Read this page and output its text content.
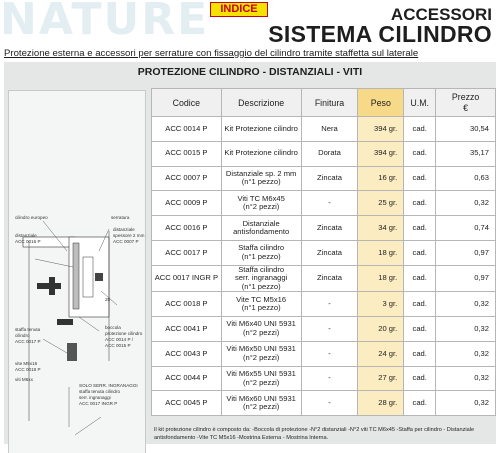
NATURE	INDICE	ACCESSORI
SISTEMA CILINDRO
Protezione esterna e accessori per serrature con fissaggio del cilindro tramite staffetta sul laterale
PROTEZIONE CILINDRO - DISTANZIALI - VITI
cilindro europeo	serratura
distanziale
ACC 0016 P
distanziale
spessore 2 mm
ACC 0007 P
25
staffa tenuta
cilindro
ACC 0017 P
boccola
protezione cilindro
ACC 0014 P /
ACC 0015 P
vite M5x16
ACC 0018 P
viti M6xx
SOLO SERR. INGRANAGGI
staffa tenuta cilindro
serr. ingranaggi
ACC 0017 INGR P
Codice	Descrizione	Finitura	Peso	U.M.	Prezzo
€
ACC 0014 P	Kit Protezione cilindro	Nera	394 gr.	cad.	30,54
ACC 0015 P	Kit Protezione cilindro	Dorata	394 gr.	cad.	35,17
ACC 0007 P	Distanziale sp. 2 mm
(n°1 pezzo)	Zincata	16 gr.	cad.	0,63
ACC 0009 P	Viti TC M6x45
(n°2 pezzi)	-	25 gr.	cad.	0,32
ACC 0016 P	Distanziale
antisfondamento	Zincata	34 gr.	cad.	0,74
ACC 0017 P	Staffa cilindro
(n°1 pezzo)	Zincata	18 gr.	cad.	0,97
ACC 0017 INGR P	Staffa cilindro
serr. ingranaggi
(n°1 pezzo)	Zincata	18 gr.	cad.	0,97
ACC 0018 P	Vite TC M5x16
(n°1 pezzo)	-	3 gr.	cad.	0,32
ACC 0041 P	Viti M6x40 UNI 5931
(n°2 pezzi)	-	20 gr.	cad.	0,32
ACC 0043 P	Viti M6x50 UNI 5931
(n°2 pezzi)	-	24 gr.	cad.	0,32
ACC 0044 P	Viti M6x55 UNI 5931
(n°2 pezzi)	-	27 gr.	cad.	0,32
ACC 0045 P	Viti M6x60 UNI 5931
(n°2 pezzi)	-	28 gr.	cad.	0,32
Il kit protezione cilindro è composto da: -Boccola di protezione -N°2 distanziali -N°2 viti TC M6x45 -Staffa per cilindro - Distanziale antisfondamento -Vite TC M5x16 -Mostrina Esterna - Mostrina Interna.
